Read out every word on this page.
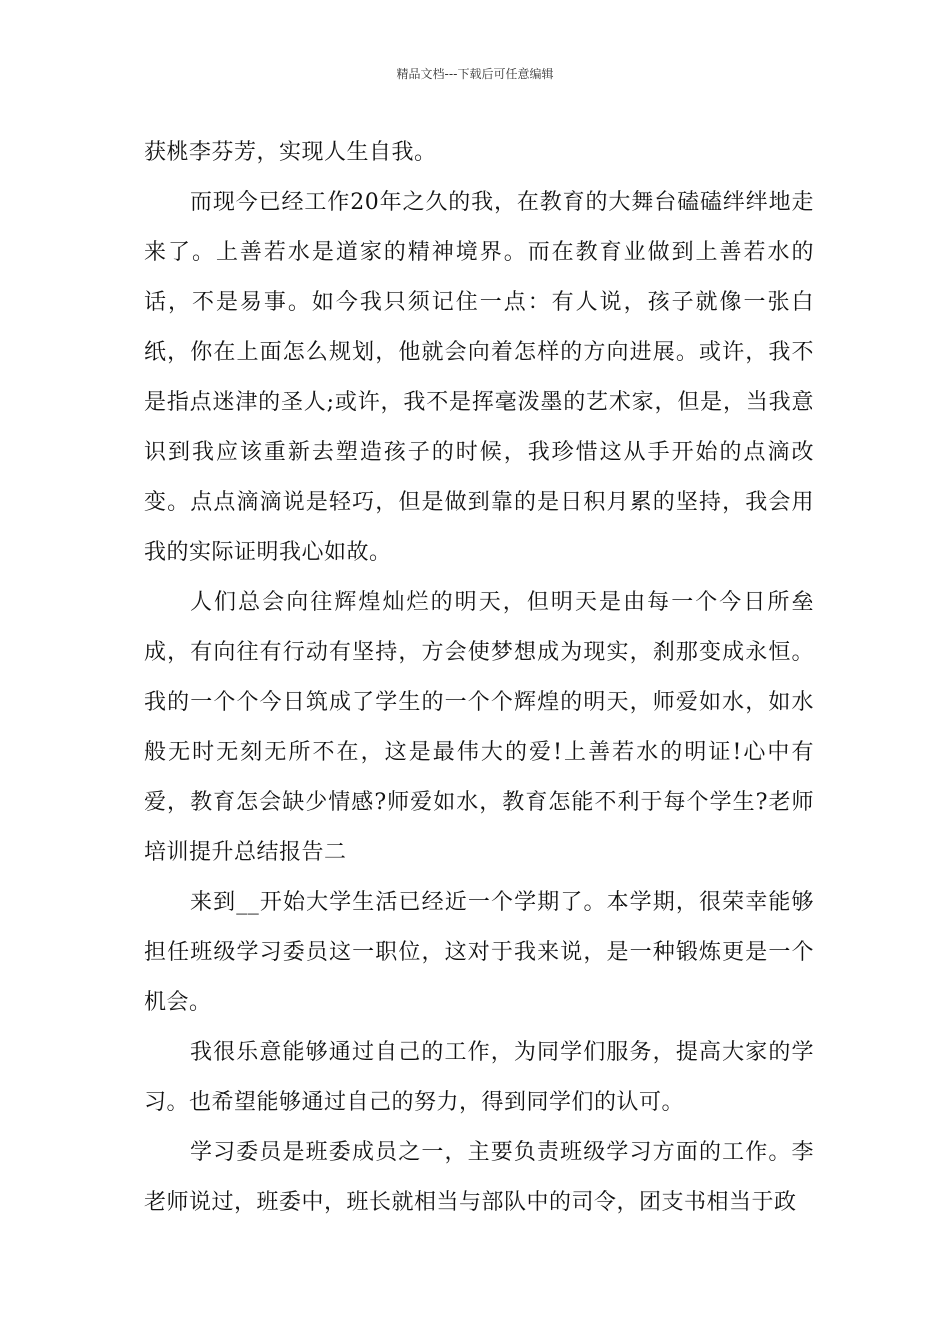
精品文档---下载后可任意编辑

获桃李芬芳，实现人生自我。

而现今已经工作20年之久的我，在教育的大舞台磕磕绊绊地走来了。上善若水是道家的精神境界。而在教育业做到上善若水的话，不是易事。如今我只须记住一点：有人说，孩子就像一张白纸，你在上面怎么规划，他就会向着怎样的方向进展。或许，我不是指点迷津的圣人;或许，我不是挥毫泼墨的艺术家，但是，当我意识到我应该重新去塑造孩子的时候，我珍惜这从手开始的点滴改变。点点滴滴说是轻巧，但是做到靠的是日积月累的坚持，我会用我的实际证明我心如故。

人们总会向往辉煌灿烂的明天，但明天是由每一个今日所垒成，有向往有行动有坚持，方会使梦想成为现实，刹那变成永恒。我的一个个今日筑成了学生的一个个辉煌的明天，师爱如水，如水般无时无刻无所不在，这是最伟大的爱!上善若水的明证!心中有爱，教育怎会缺少情感?师爱如水，教育怎能不利于每个学生?老师培训提升总结报告二

来到__开始大学生活已经近一个学期了。本学期，很荣幸能够担任班级学习委员这一职位，这对于我来说，是一种锻炼更是一个机会。

我很乐意能够通过自己的工作，为同学们服务，提高大家的学习。也希望能够通过自己的努力，得到同学们的认可。

学习委员是班委成员之一，主要负责班级学习方面的工作。李老师说过，班委中，班长就相当与部队中的司令，团支书相当于政
